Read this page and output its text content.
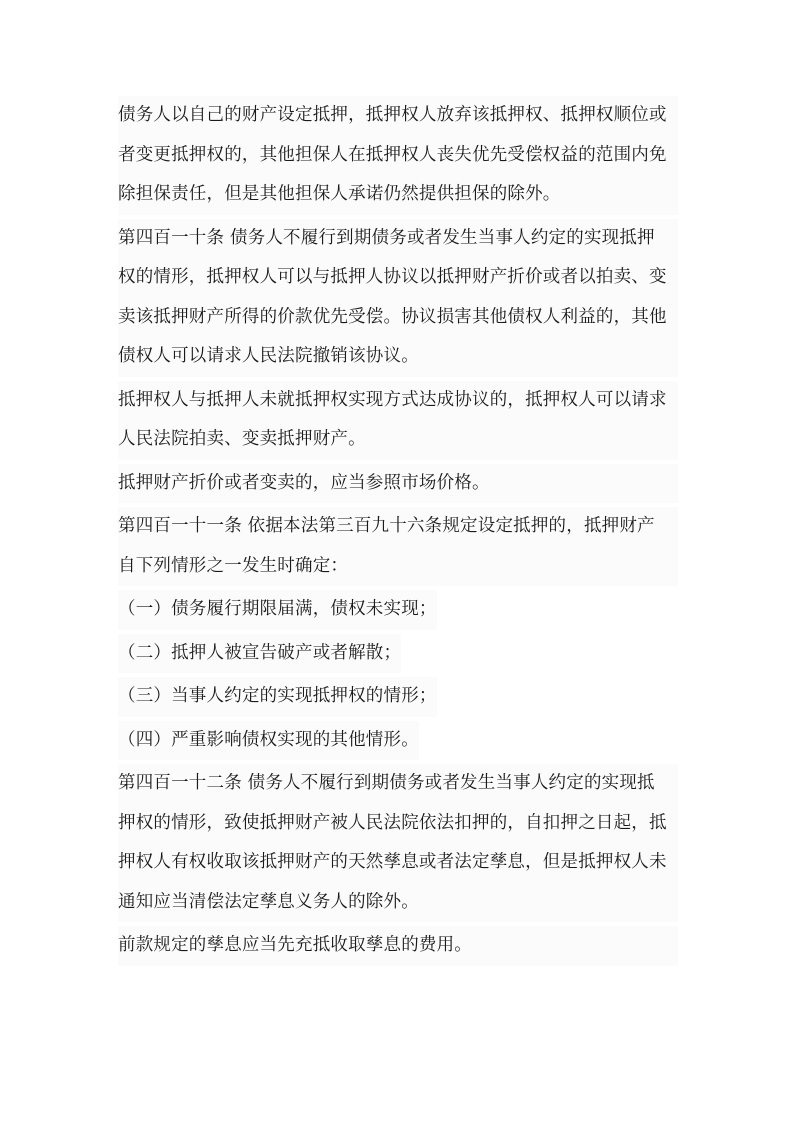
债务人以自己的财产设定抵押，抵押权人放弃该抵押权、抵押权顺位或
者变更抵押权的，其他担保人在抵押权人丧失优先受偿权益的范围内免
除担保责任，但是其他担保人承诺仍然提供担保的除外。

第四百一十条 债务人不履行到期债务或者发生当事人约定的实现抵押
权的情形，抵押权人可以与抵押人协议以抵押财产折价或者以拍卖、变
卖该抵押财产所得的价款优先受偿。协议损害其他债权人利益的，其他
债权人可以请求人民法院撤销该协议。

抵押权人与抵押人未就抵押权实现方式达成协议的，抵押权人可以请求
人民法院拍卖、变卖抵押财产。

抵押财产折价或者变卖的，应当参照市场价格。

第四百一十一条 依据本法第三百九十六条规定设定抵押的，抵押财产
自下列情形之一发生时确定：

（一）债务履行期限届满，债权未实现；

（二）抵押人被宣告破产或者解散；

（三）当事人约定的实现抵押权的情形；

（四）严重影响债权实现的其他情形。

第四百一十二条 债务人不履行到期债务或者发生当事人约定的实现抵
押权的情形，致使抵押财产被人民法院依法扣押的，自扣押之日起，抵
押权人有权收取该抵押财产的天然孳息或者法定孳息，但是抵押权人未
通知应当清偿法定孳息义务人的除外。

前款规定的孳息应当先充抵收取孳息的费用。
